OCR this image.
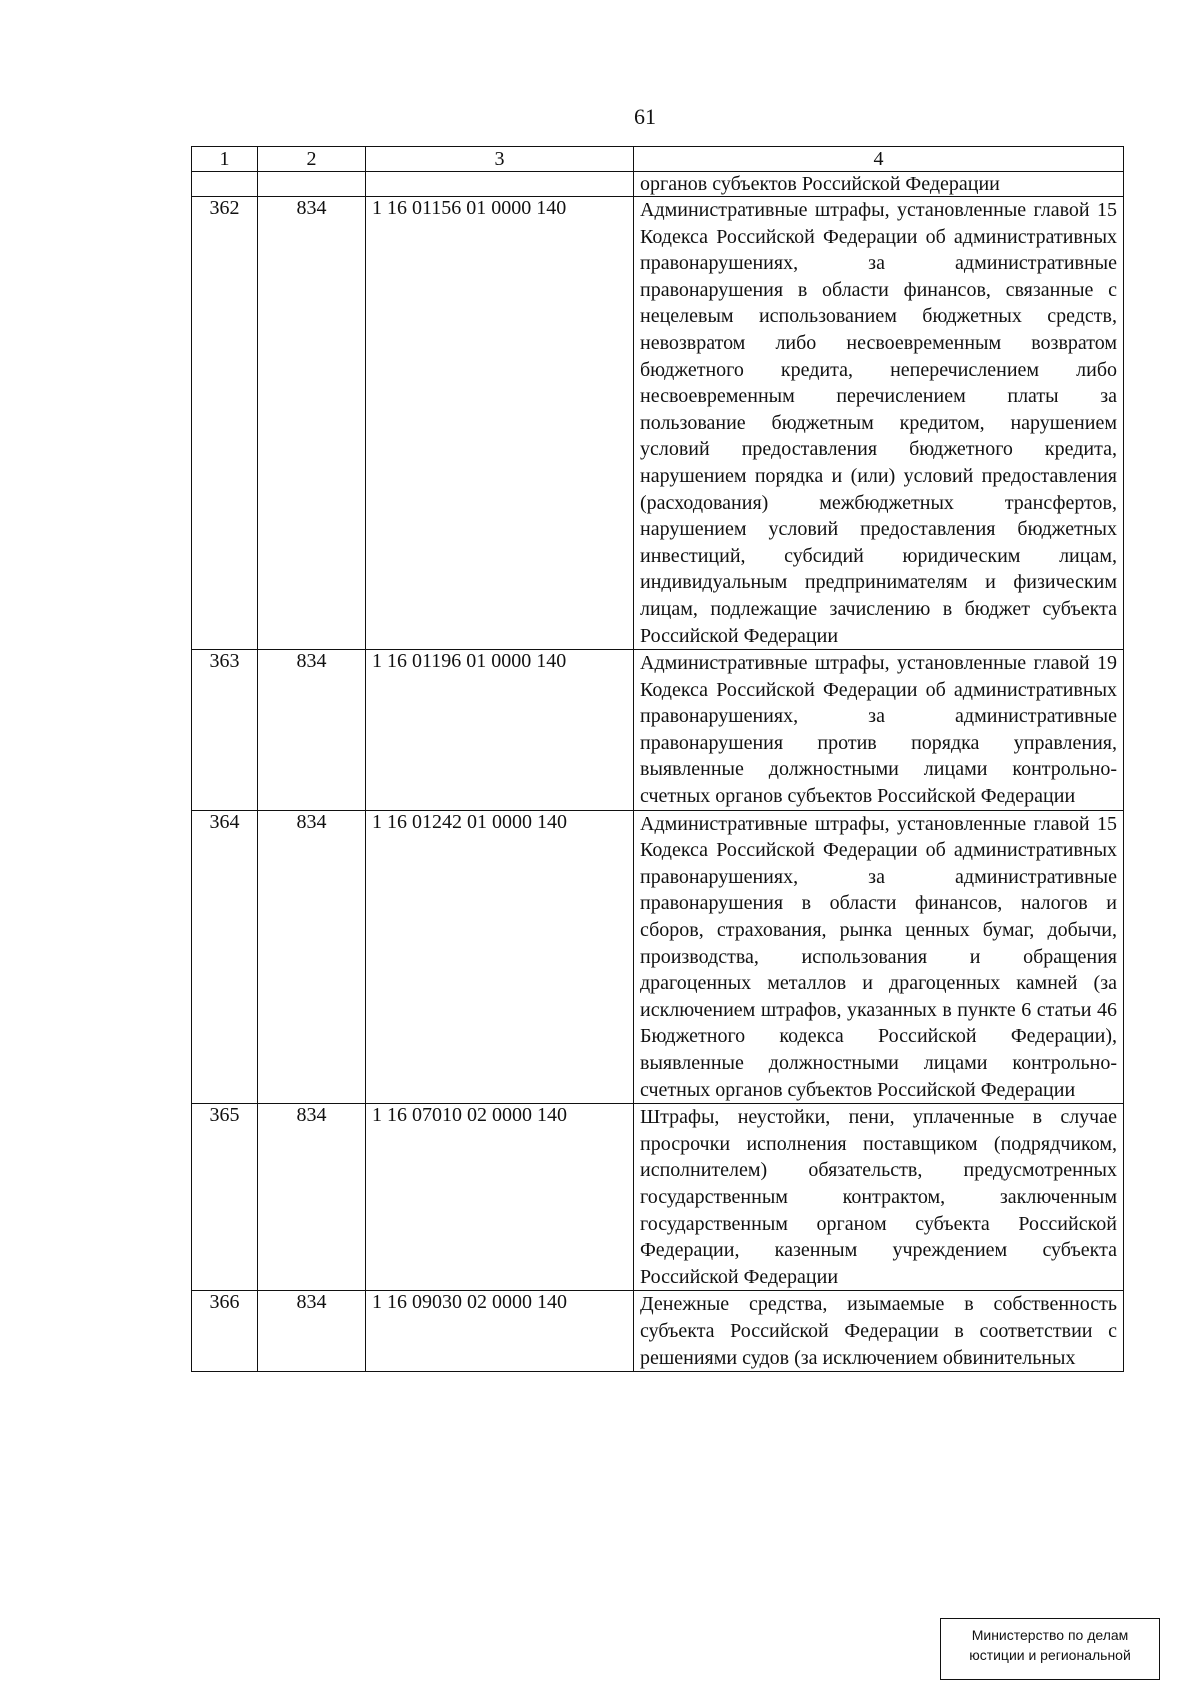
61
1	2	3	4
			органов субъектов Российской Федерации
362	834	1 16 01156 01 0000 140	Административные штрафы, установленные главой 15 Кодекса Российской Федерации об административных правонарушениях, за административные правонарушения в области финансов, связанные с нецелевым использованием бюджетных средств, невозвратом либо несвоевременным возвратом бюджетного кредита, неперечислением либо несвоевременным перечислением платы за пользование бюджетным кредитом, нарушением условий предоставления бюджетного кредита, нарушением порядка и (или) условий предоставления (расходования) межбюджетных трансфертов, нарушением условий предоставления бюджетных инвестиций, субсидий юридическим лицам, индивидуальным предпринимателям и физическим лицам, подлежащие зачислению в бюджет субъекта Российской Федерации
363	834	1 16 01196 01 0000 140	Административные штрафы, установленные главой 19 Кодекса Российской Федерации об административных правонарушениях, за административные правонарушения против порядка управления, выявленные должностными лицами контрольно-счетных органов субъектов Российской Федерации
364	834	1 16 01242 01 0000 140	Административные штрафы, установленные главой 15 Кодекса Российской Федерации об административных правонарушениях, за административные правонарушения в области финансов, налогов и сборов, страхования, рынка ценных бумаг, добычи, производства, использования и обращения драгоценных металлов и драгоценных камней (за исключением штрафов, указанных в пункте 6 статьи 46 Бюджетного кодекса Российской Федерации), выявленные должностными лицами контрольно-счетных органов субъектов Российской Федерации
365	834	1 16 07010 02 0000 140	Штрафы, неустойки, пени, уплаченные в случае просрочки исполнения поставщиком (подрядчиком, исполнителем) обязательств, предусмотренных государственным контрактом, заключенным государственным органом субъекта Российской Федерации, казенным учреждением субъекта Российской Федерации
366	834	1 16 09030 02 0000 140	Денежные средства, изымаемые в собственность субъекта Российской Федерации в соответствии с решениями судов (за исключением обвинительных
Министерство по делам
юстиции и региональной
